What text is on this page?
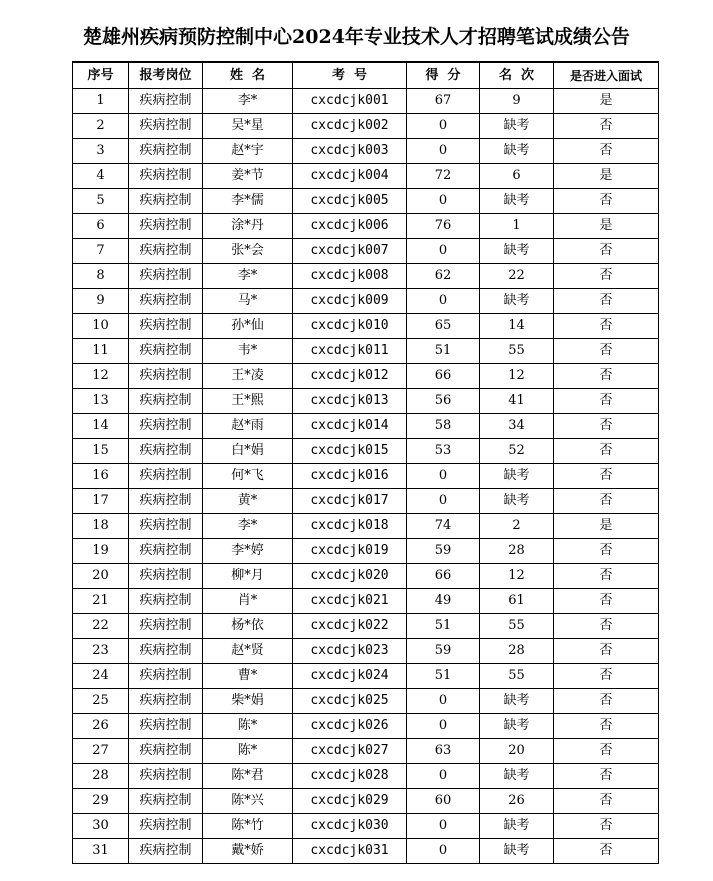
楚雄州疾病预防控制中心2024年专业技术人才招聘笔试成绩公告
序号	报考岗位	姓  名	考  号	得  分	名  次	是否进入面试
1	疾病控制	李*	cxcdcjk001	67	9	是
2	疾病控制	吴*星	cxcdcjk002	0	缺考	否
3	疾病控制	赵*宇	cxcdcjk003	0	缺考	否
4	疾病控制	姜*节	cxcdcjk004	72	6	是
5	疾病控制	李*儒	cxcdcjk005	0	缺考	否
6	疾病控制	涂*丹	cxcdcjk006	76	1	是
7	疾病控制	张*会	cxcdcjk007	0	缺考	否
8	疾病控制	李*	cxcdcjk008	62	22	否
9	疾病控制	马*	cxcdcjk009	0	缺考	否
10	疾病控制	孙*仙	cxcdcjk010	65	14	否
11	疾病控制	韦*	cxcdcjk011	51	55	否
12	疾病控制	王*凌	cxcdcjk012	66	12	否
13	疾病控制	王*熙	cxcdcjk013	56	41	否
14	疾病控制	赵*雨	cxcdcjk014	58	34	否
15	疾病控制	白*娟	cxcdcjk015	53	52	否
16	疾病控制	何*飞	cxcdcjk016	0	缺考	否
17	疾病控制	黄*	cxcdcjk017	0	缺考	否
18	疾病控制	李*	cxcdcjk018	74	2	是
19	疾病控制	李*婷	cxcdcjk019	59	28	否
20	疾病控制	柳*月	cxcdcjk020	66	12	否
21	疾病控制	肖*	cxcdcjk021	49	61	否
22	疾病控制	杨*依	cxcdcjk022	51	55	否
23	疾病控制	赵*贤	cxcdcjk023	59	28	否
24	疾病控制	曹*	cxcdcjk024	51	55	否
25	疾病控制	柴*娟	cxcdcjk025	0	缺考	否
26	疾病控制	陈*	cxcdcjk026	0	缺考	否
27	疾病控制	陈*	cxcdcjk027	63	20	否
28	疾病控制	陈*君	cxcdcjk028	0	缺考	否
29	疾病控制	陈*兴	cxcdcjk029	60	26	否
30	疾病控制	陈*竹	cxcdcjk030	0	缺考	否
31	疾病控制	戴*娇	cxcdcjk031	0	缺考	否
